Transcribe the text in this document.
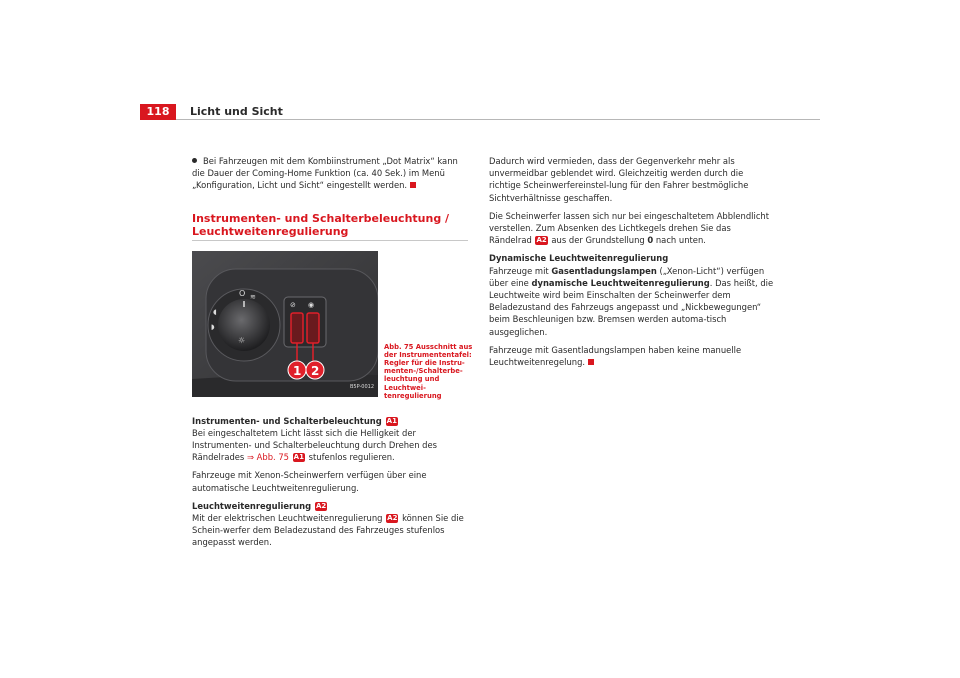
118	Licht und Sicht

Bei Fahrzeugen mit dem Kombiinstrument „Dot Matrix“ kann die Dauer der Coming-Home Funktion (ca. 40 Sek.) im Menü „Konfiguration, Licht und Sicht“ eingestellt werden.

Instrumenten- und Schalterbeleuchtung / Leuchtweitenregulierung
O ≋
◖
◗
☼
⊘ ◉
1 2
B5P-0012
Abb. 75 Ausschnitt aus der Instrumententafel: Regler für die Instru-menten-/Schalterbe-leuchtung und Leuchtwei-tenregulierung
Instrumenten- und Schalterbeleuchtung A1

Bei eingeschaltetem Licht lässt sich die Helligkeit der Instrumenten- und Schalterbeleuchtung durch Drehen des Rändelrades ⇒ Abb. 75 A1 stufenlos regulieren.

Fahrzeuge mit Xenon-Scheinwerfern verfügen über eine automatische Leuchtweitenregulierung.

Leuchtweitenregulierung A2

Mit der elektrischen Leuchtweitenregulierung A2 können Sie die Schein-werfer dem Beladezustand des Fahrzeuges stufenlos angepasst werden.

Dadurch wird vermieden, dass der Gegenverkehr mehr als unvermeidbar geblendet wird. Gleichzeitig werden durch die richtige Scheinwerfereinstel-lung für den Fahrer bestmögliche Sichtverhältnisse geschaffen.

Die Scheinwerfer lassen sich nur bei eingeschaltetem Abblendlicht verstellen. Zum Absenken des Lichtkegels drehen Sie das Rändelrad A2 aus der Grundstellung 0 nach unten.

Dynamische Leuchtweitenregulierung

Fahrzeuge mit Gasentladungslampen („Xenon-Licht“) verfügen über eine dynamische Leuchtweitenregulierung. Das heißt, die Leuchtweite wird beim Einschalten der Scheinwerfer dem Beladezustand des Fahrzeugs angepasst und „Nickbewegungen“ beim Beschleunigen bzw. Bremsen werden automa-tisch ausgeglichen.

Fahrzeuge mit Gasentladungslampen haben keine manuelle Leuchtweitenregelung.
